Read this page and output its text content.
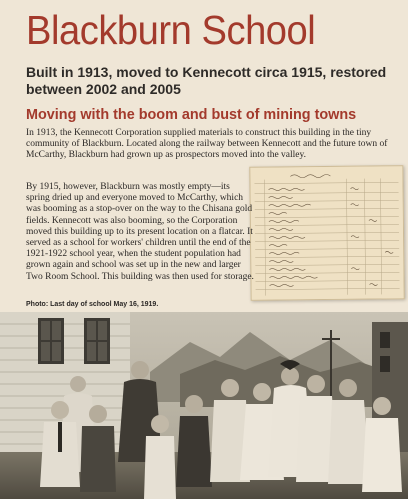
Blackburn School

Built in 1913, moved to Kennecott circa 1915, restored between 2002 and 2005

Moving with the boom and bust of mining towns

In 1913, the Kennecott Corporation supplied materials to construct this building in the tiny community of Blackburn. Located along the railway between Kennecott and the future town of McCarthy, Blackburn had grown up as prospectors moved into the valley.

By 1915, however, Blackburn was mostly empty—its spring dried up and everyone moved to McCarthy, which was booming as a stop-over on the way to the Chisana gold fields. Kennecott was also booming, so the Corporation moved this building up to its present location on a flatcar. It served as a school for workers' children until the end of the 1921-1922 school year, when the student population had grown again and school was set up in the new and larger Two Room School. This building was then used for storage.

Photo: Last day of school May 16, 1919.
